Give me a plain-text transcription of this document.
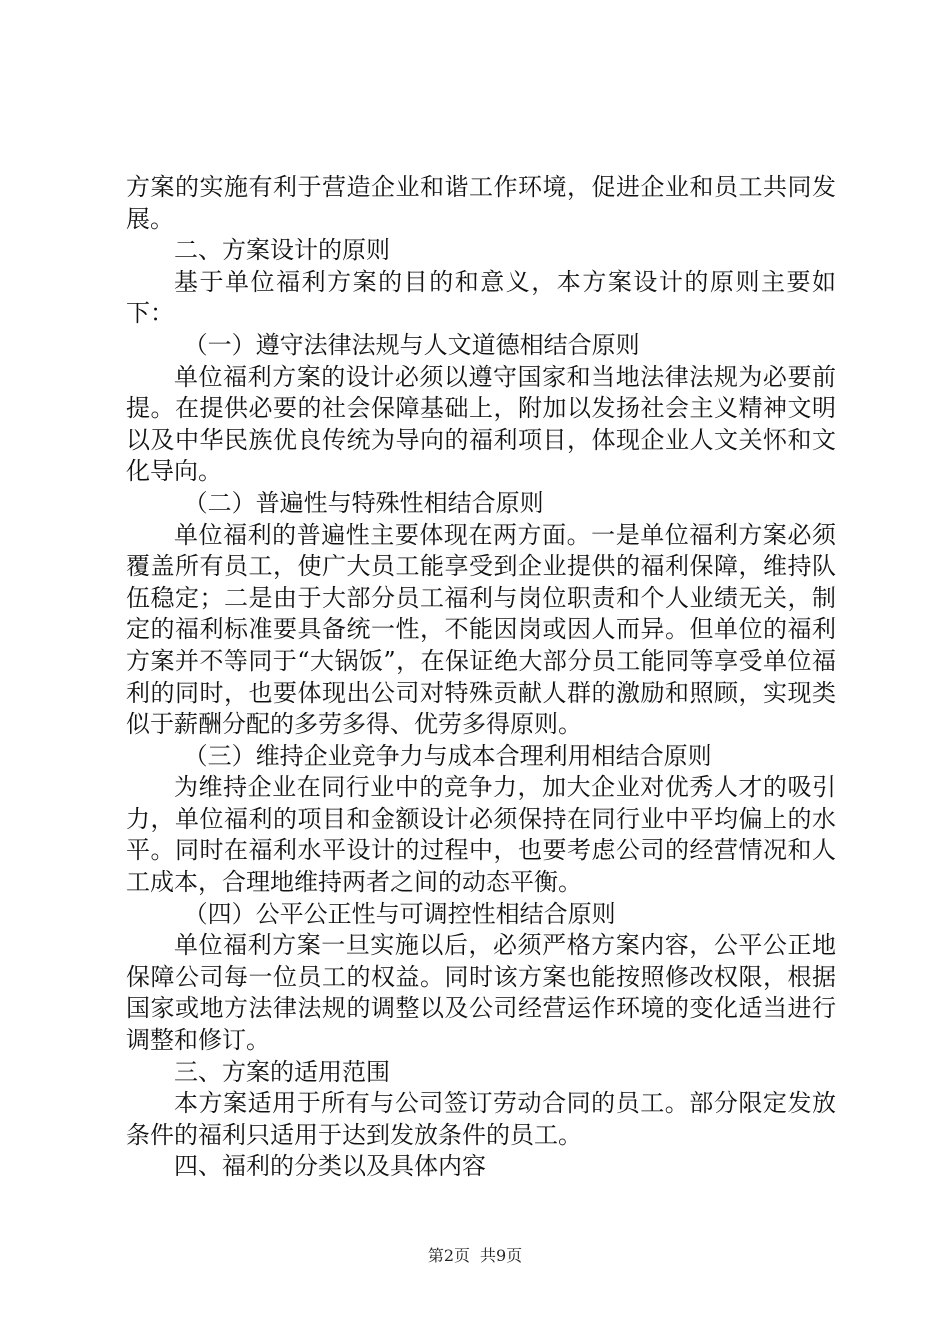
方案的实施有利于营造企业和谐工作环境，促进企业和员工共同发展。

二、方案设计的原则

基于单位福利方案的目的和意义，本方案设计的原则主要如下：

（一）遵守法律法规与人文道德相结合原则

单位福利方案的设计必须以遵守国家和当地法律法规为必要前提。在提供必要的社会保障基础上，附加以发扬社会主义精神文明以及中华民族优良传统为导向的福利项目，体现企业人文关怀和文化导向。

（二）普遍性与特殊性相结合原则

单位福利的普遍性主要体现在两方面。一是单位福利方案必须覆盖所有员工，使广大员工能享受到企业提供的福利保障，维持队伍稳定；二是由于大部分员工福利与岗位职责和个人业绩无关，制定的福利标准要具备统一性，不能因岗或因人而异。但单位的福利方案并不等同于“大锅饭”，在保证绝大部分员工能同等享受单位福利的同时，也要体现出公司对特殊贡献人群的激励和照顾，实现类似于薪酬分配的多劳多得、优劳多得原则。

（三）维持企业竞争力与成本合理利用相结合原则

为维持企业在同行业中的竞争力，加大企业对优秀人才的吸引力，单位福利的项目和金额设计必须保持在同行业中平均偏上的水平。同时在福利水平设计的过程中，也要考虑公司的经营情况和人工成本，合理地维持两者之间的动态平衡。

（四）公平公正性与可调控性相结合原则

单位福利方案一旦实施以后，必须严格方案内容，公平公正地保障公司每一位员工的权益。同时该方案也能按照修改权限，根据国家或地方法律法规的调整以及公司经营运作环境的变化适当进行调整和修订。

三、方案的适用范围

本方案适用于所有与公司签订劳动合同的员工。部分限定发放条件的福利只适用于达到发放条件的员工。

四、福利的分类以及具体内容

第2页 共9页
